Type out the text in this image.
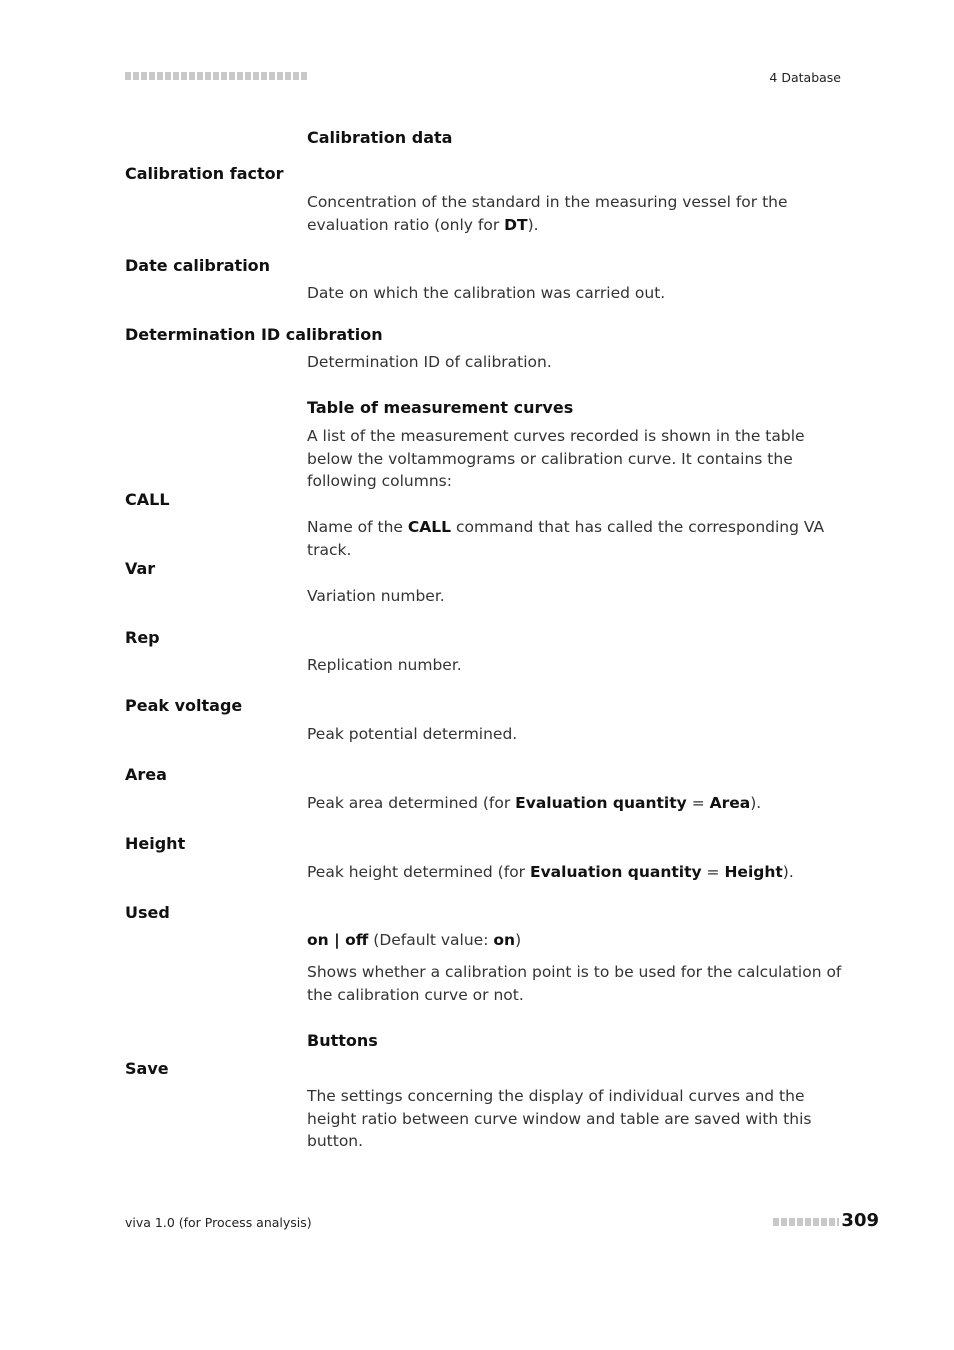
4 Database
Calibration data
Calibration factor
Concentration of the standard in the measuring vessel for the evaluation ratio (only for DT).
Date calibration
Date on which the calibration was carried out.
Determination ID calibration
Determination ID of calibration.
Table of measurement curves
A list of the measurement curves recorded is shown in the table below the voltammograms or calibration curve. It contains the following columns:
CALL
Name of the CALL command that has called the corresponding VA track.
Var
Variation number.
Rep
Replication number.
Peak voltage
Peak potential determined.
Area
Peak area determined (for Evaluation quantity = Area).
Height
Peak height determined (for Evaluation quantity = Height).
Used
on | off (Default value: on)
Shows whether a calibration point is to be used for the calculation of the calibration curve or not.
Buttons
Save
The settings concerning the display of individual curves and the height ratio between curve window and table are saved with this button.
viva 1.0 (for Process analysis)	309
